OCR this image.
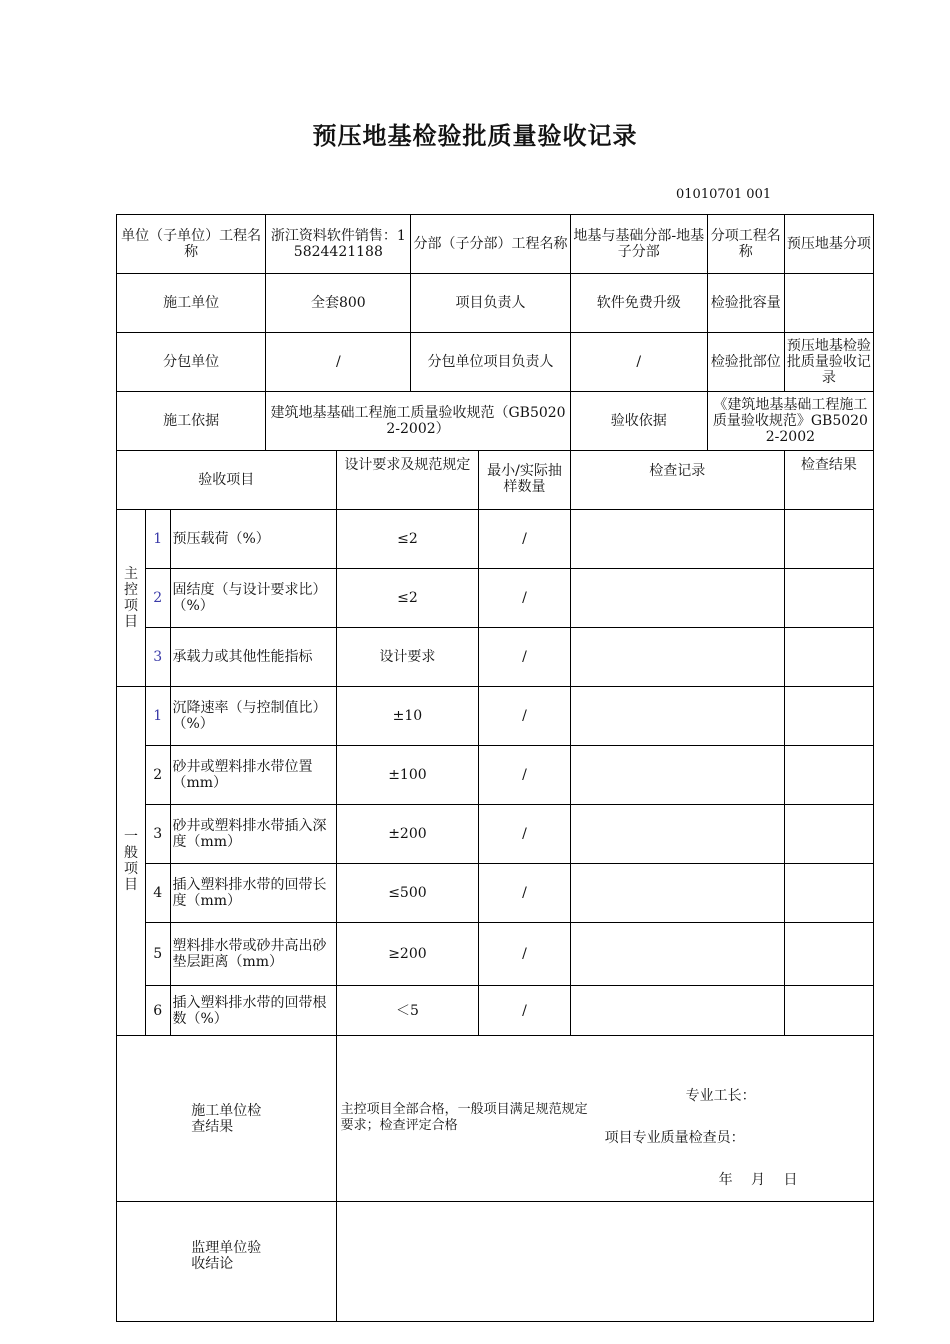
预压地基检验批质量验收记录
01010701 001
单位（子单位）工程名称			浙江资料软件销售：15824421188		分部（子分部）工程名称		地基与基础分部-地基子分部	分项工程名称	预压地基分项

施工单位			全套800		项目负责人		软件免费升级	检验批容量	
分包单位			/		分包单位项目负责人		/	检验批部位	预压地基检验批质量验收记录
施工依据			建筑地基基础工程施工质量验收规范（GB50202-2002）				验收依据	《建筑地基基础工程施工质量验收规范》GB50202-2002	
验收项目				设计要求及规范规定		最小/实际抽样数量	检查记录		检查结果

主控项目	1	预压载荷（%）		≤2		/			
	2	固结度（与设计要求比）（%）		≤2		/			
	3	承载力或其他性能指标		设计要求		/			

一般项目	1	沉降速率（与控制值比）（%）		±10		/			
	2	砂井或塑料排水带位置（mm）		±100		/			
	3	砂井或塑料排水带插入深度（mm）		±200		/			
	4	插入塑料排水带的回带长度（mm）		≤500		/			
	5	塑料排水带或砂井高出砂垫层距离（mm）		≥200		/			
	6	插入塑料排水带的回带根数（%）		＜5		/			

施工单位检查结果				主控项目全部合格，一般项目满足规范规定要求；检查评定合格
专业工长：
项目专业质量检查员：
年 月 日					

监理单位验收结论									
